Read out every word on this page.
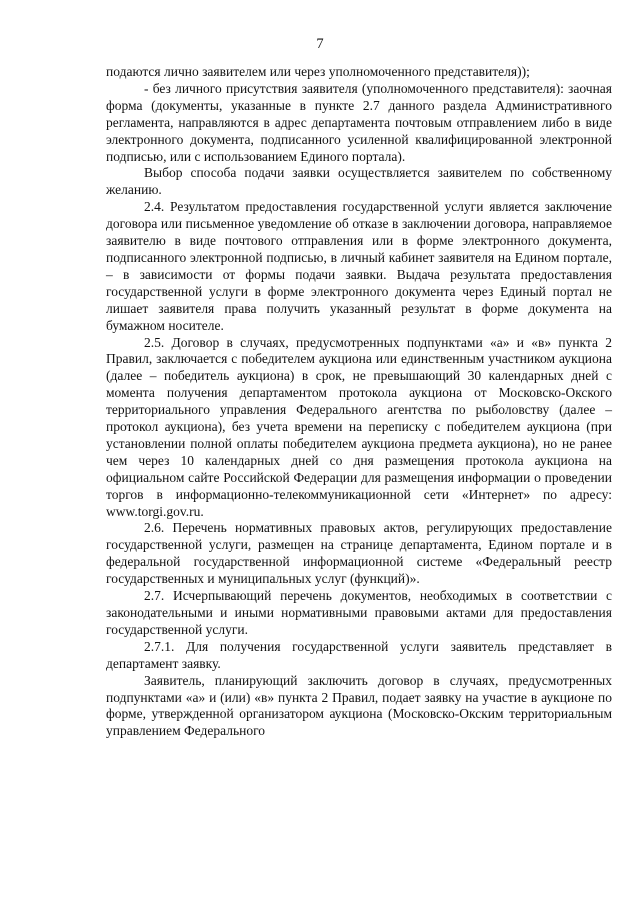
7

подаются лично заявителем или через уполномоченного представителя));

- без личного присутствия заявителя (уполномоченного представителя): заочная форма (документы, указанные в пункте 2.7 данного раздела Административного регламента, направляются в адрес департамента почтовым отправлением либо в виде электронного документа, подписанного усиленной квалифицированной электронной подписью, или с использованием Единого портала).

Выбор способа подачи заявки осуществляется заявителем по собственному желанию.

2.4. Результатом предоставления государственной услуги является заключение договора или письменное уведомление об отказе в заключении договора, направляемое заявителю в виде почтового отправления или в форме электронного документа, подписанного электронной подписью, в личный кабинет заявителя на Едином портале, – в зависимости от формы подачи заявки. Выдача результата предоставления государственной услуги в форме электронного документа через Единый портал не лишает заявителя права получить указанный результат в форме документа на бумажном носителе.

2.5. Договор в случаях, предусмотренных подпунктами «а» и «в» пункта 2 Правил, заключается с победителем аукциона или единственным участником аукциона (далее – победитель аукциона) в срок, не превышающий 30 календарных дней с момента получения департаментом протокола аукциона от Московско-Окского территориального управления Федерального агентства по рыболовству (далее – протокол аукциона), без учета времени на переписку с победителем аукциона (при установлении полной оплаты победителем аукциона предмета аукциона), но не ранее чем через 10 календарных дней со дня размещения протокола аукциона на официальном сайте Российской Федерации для размещения информации о проведении торгов в информационно-телекоммуникационной сети «Интернет» по адресу: www.torgi.gov.ru.

2.6. Перечень нормативных правовых актов, регулирующих предоставление государственной услуги, размещен на странице департамента, Едином портале и в федеральной государственной информационной системе «Федеральный реестр государственных и муниципальных услуг (функций)».

2.7. Исчерпывающий перечень документов, необходимых в соответствии с законодательными и иными нормативными правовыми актами для предоставления государственной услуги.

2.7.1. Для получения государственной услуги заявитель представляет в департамент заявку.

Заявитель, планирующий заключить договор в случаях, предусмотренных подпунктами «а» и (или) «в» пункта 2 Правил, подает заявку на участие в аукционе по форме, утвержденной организатором аукциона (Московско-Окским территориальным управлением Федерального
